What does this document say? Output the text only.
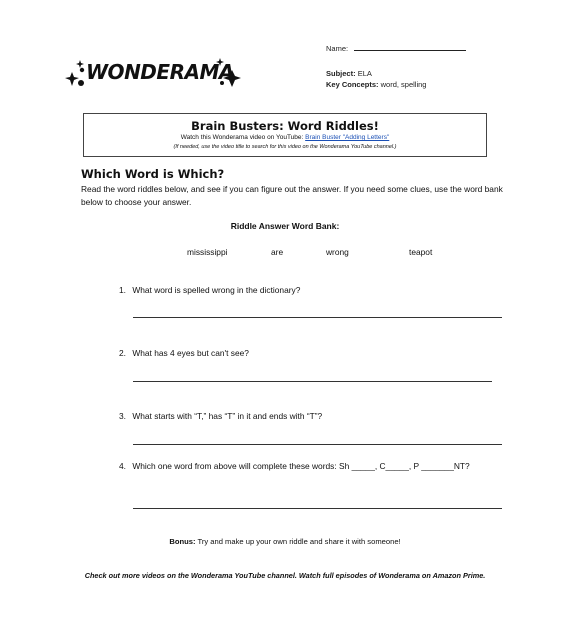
WONDERAMA
Name:
Subject: ELA
Key Concepts: word, spelling
Brain Busters: Word Riddles!
Watch this Wonderama video on YouTube: Brain Buster "Adding Letters"
(If needed, use the video title to search for this video on the Wonderama YouTube channel.)
Which Word is Which?
Read the word riddles below, and see if you can figure out the answer. If you need some clues, use the word bank below to choose your answer.
Riddle Answer Word Bank:
mississippi	are	wrong	teapot
1. What word is spelled wrong in the dictionary?
2. What has 4 eyes but can't see?
3. What starts with “T,” has “T” in it and ends with “T”?
4. Which one word from above will complete these words: Sh _____, C_____, P _______NT?
Bonus: Try and make up your own riddle and share it with someone!
Check out more videos on the Wonderama YouTube channel. Watch full episodes of Wonderama on Amazon Prime.
